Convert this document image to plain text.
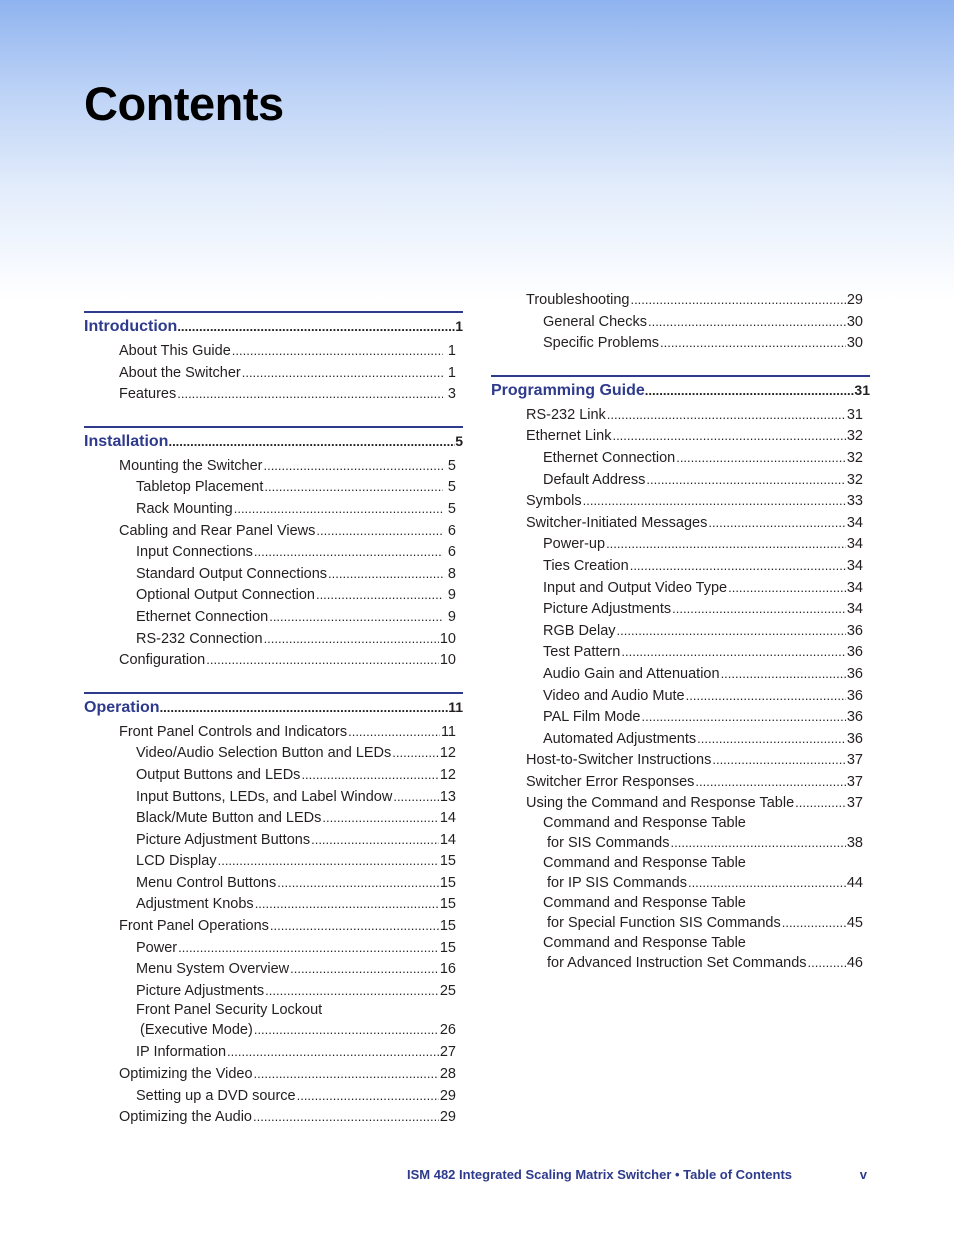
Contents
Introduction .....	1
About This Guide .....	1
About the Switcher .....	1
Features .....	3
Installation .....	5
Mounting the Switcher .....	5
Tabletop Placement .....	5
Rack Mounting .....	5
Cabling and Rear Panel Views .....	6
Input Connections .....	6
Standard Output Connections .....	8
Optional Output Connection .....	9
Ethernet Connection .....	9
RS-232 Connection .....	10
Configuration .....	10
Operation .....	11
Front Panel Controls and Indicators .....	11
Video/Audio Selection Button and LEDs .....	12
Output Buttons and LEDs .....	12
Input Buttons, LEDs, and Label Window .....	13
Black/Mute Button and LEDs .....	14
Picture Adjustment Buttons .....	14
LCD Display .....	15
Menu Control Buttons .....	15
Adjustment Knobs .....	15
Front Panel Operations .....	15
Power .....	15
Menu System Overview .....	16
Picture Adjustments .....	25
Front Panel Security Lockout
(Executive Mode) .....	26
IP Information .....	27
Optimizing the Video .....	28
Setting up a DVD source .....	29
Optimizing the Audio .....	29
Troubleshooting .....	29
General Checks .....	30
Specific Problems .....	30
Programming Guide .....	31
RS-232 Link .....	31
Ethernet Link .....	32
Ethernet Connection .....	32
Default Address .....	32
Symbols .....	33
Switcher-Initiated Messages .....	34
Power-up .....	34
Ties Creation .....	34
Input and Output Video Type .....	34
Picture Adjustments .....	34
RGB Delay .....	36
Test Pattern .....	36
Audio Gain and Attenuation .....	36
Video and Audio Mute .....	36
PAL Film Mode .....	36
Automated Adjustments .....	36
Host-to-Switcher Instructions .....	37
Switcher Error Responses .....	37
Using the Command and Response Table .....	37
Command and Response Table
for SIS Commands .....	38
Command and Response Table
for IP SIS Commands .....	44
Command and Response Table
for Special Function SIS Commands .....	45
Command and Response Table
for Advanced Instruction Set Commands .....	46
ISM 482 Integrated Scaling Matrix Switcher • Table of Contents	v
